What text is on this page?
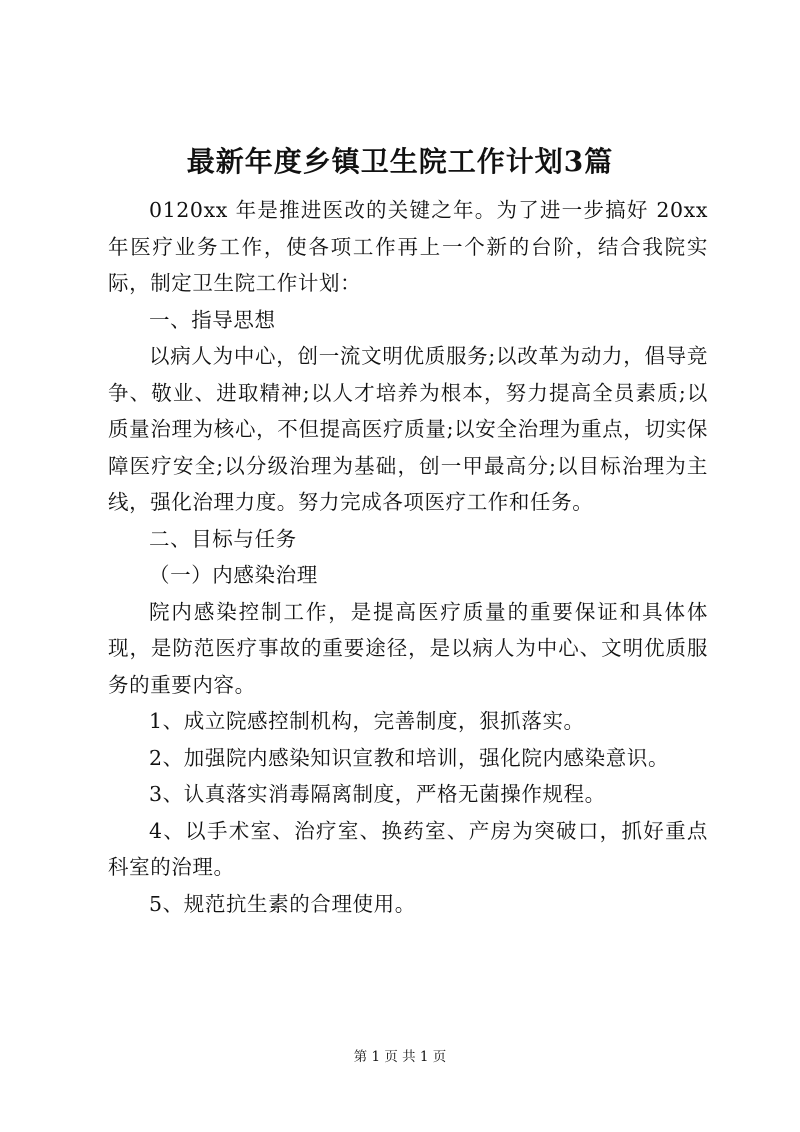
最新年度乡镇卫生院工作计划3篇

0120xx 年是推进医改的关键之年。为了进一步搞好 20xx 年医疗业务工作，使各项工作再上一个新的台阶，结合我院实际，制定卫生院工作计划：

一、指导思想

以病人为中心，创一流文明优质服务;以改革为动力，倡导竞争、敬业、进取精神;以人才培养为根本，努力提高全员素质;以质量治理为核心，不但提高医疗质量;以安全治理为重点，切实保障医疗安全;以分级治理为基础，创一甲最高分;以目标治理为主线，强化治理力度。努力完成各项医疗工作和任务。

二、目标与任务

（一）内感染治理

院内感染控制工作，是提高医疗质量的重要保证和具体体现，是防范医疗事故的重要途径，是以病人为中心、文明优质服务的重要内容。

1、成立院感控制机构，完善制度，狠抓落实。

2、加强院内感染知识宣教和培训，强化院内感染意识。

3、认真落实消毒隔离制度，严格无菌操作规程。

4、以手术室、治疗室、换药室、产房为突破口，抓好重点科室的治理。

5、规范抗生素的合理使用。

第 1 页 共 1 页
